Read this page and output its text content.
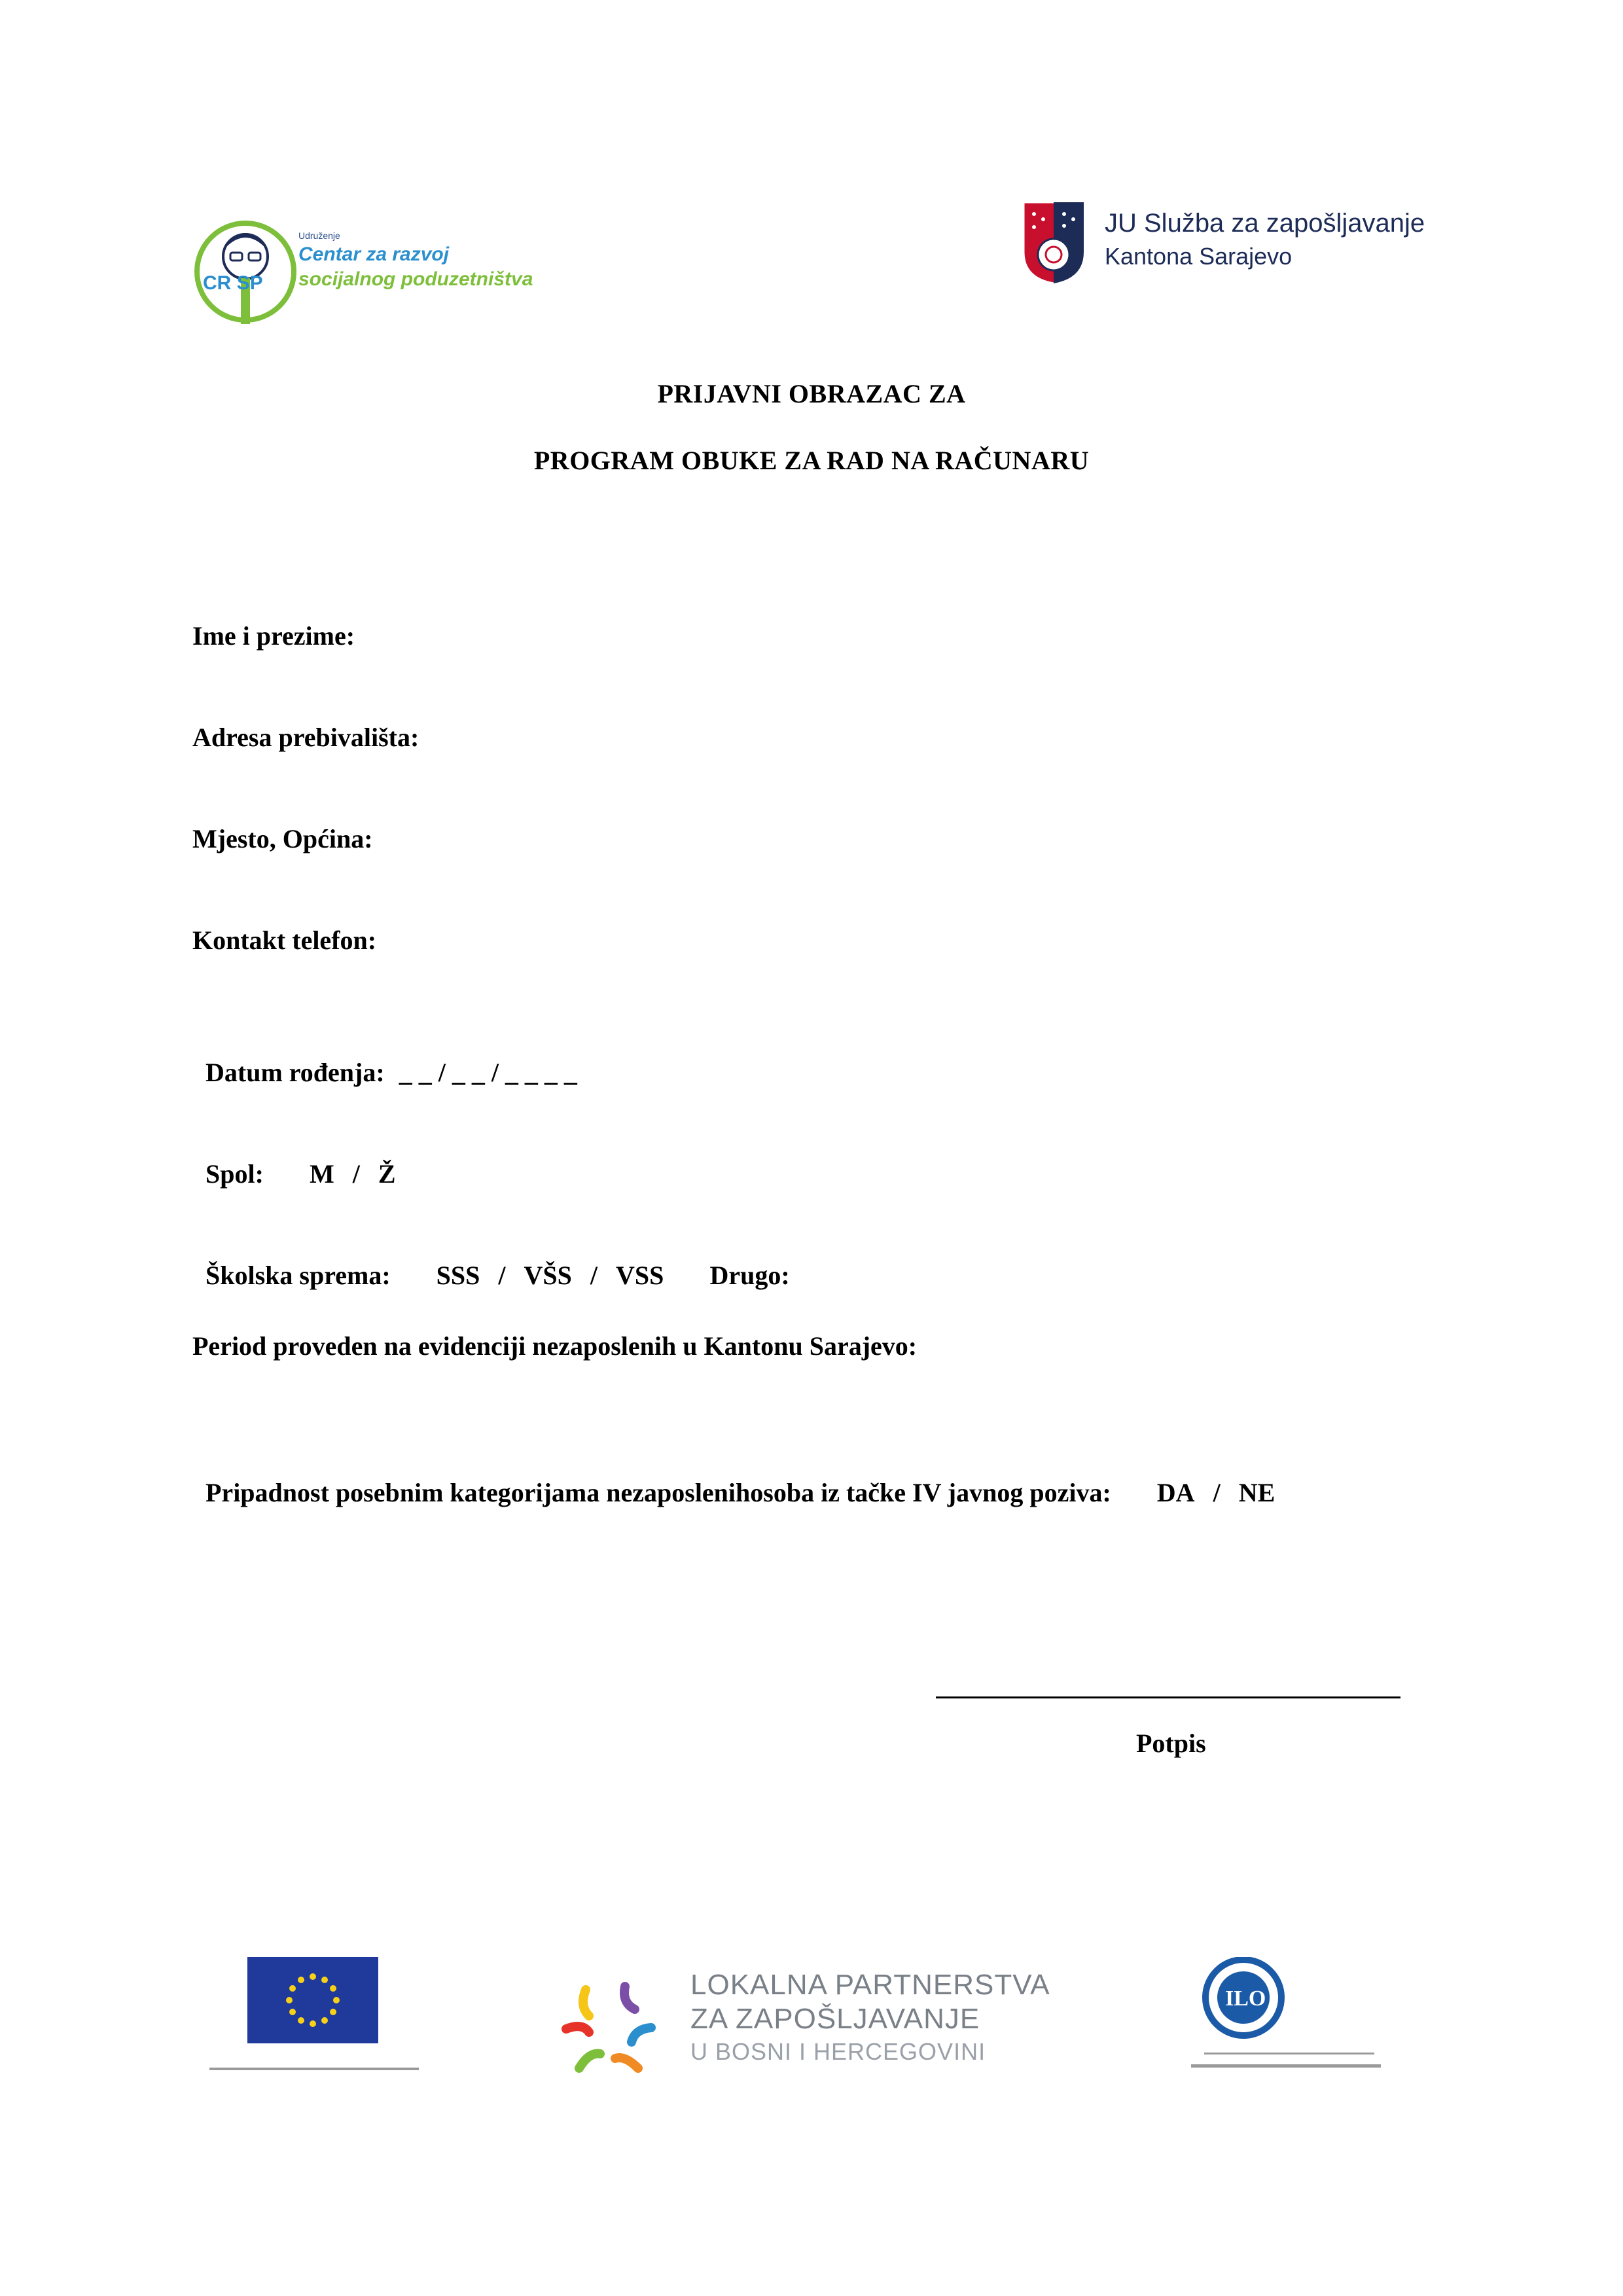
CR SP
Udruženje
Centar za razvoj
socijalnog poduzetništva
JU Služba za zapošljavanje
Kantona Sarajevo
PRIJAVNI OBRAZAC ZA
PROGRAM OBUKE ZA RAD NA RAČUNARU
Ime i prezime:
Adresa prebivališta:
Mjesto, Općina:
Kontakt telefon:

Datum rođenja: _ _ / _ _ / _ _ _ _

Spol: M / Ž

Školska sprema: SSS / VŠS / VSS Drugo:

Period proveden na evidenciji nezaposlenih u Kantonu Sarajevo:

Pripadnost posebnim kategorijama nezaposlenihosoba iz tačke IV javnog poziva: DA / NE

Potpis
LOKALNA PARTNERSTVA
ZA ZAPOŠLJAVANJE
U BOSNI I HERCEGOVINI
ILO
